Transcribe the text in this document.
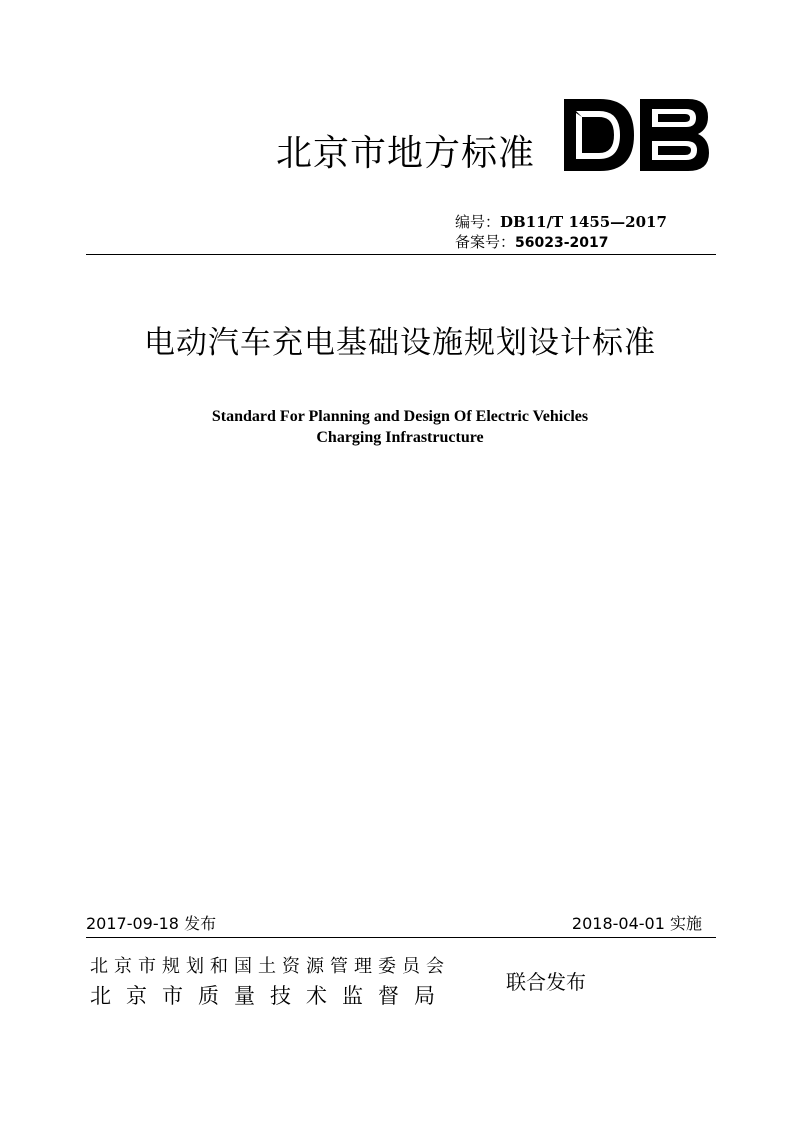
北京市地方标准
编号：DB11/T 1455—2017
备案号：56023-2017
电动汽车充电基础设施规划设计标准
Standard For Planning and Design Of Electric Vehicles
Charging Infrastructure
2017-09-18 发布	2018-04-01 实施
北京市规划和国土资源管理委员会
北京市质量技术监督局
联合发布
